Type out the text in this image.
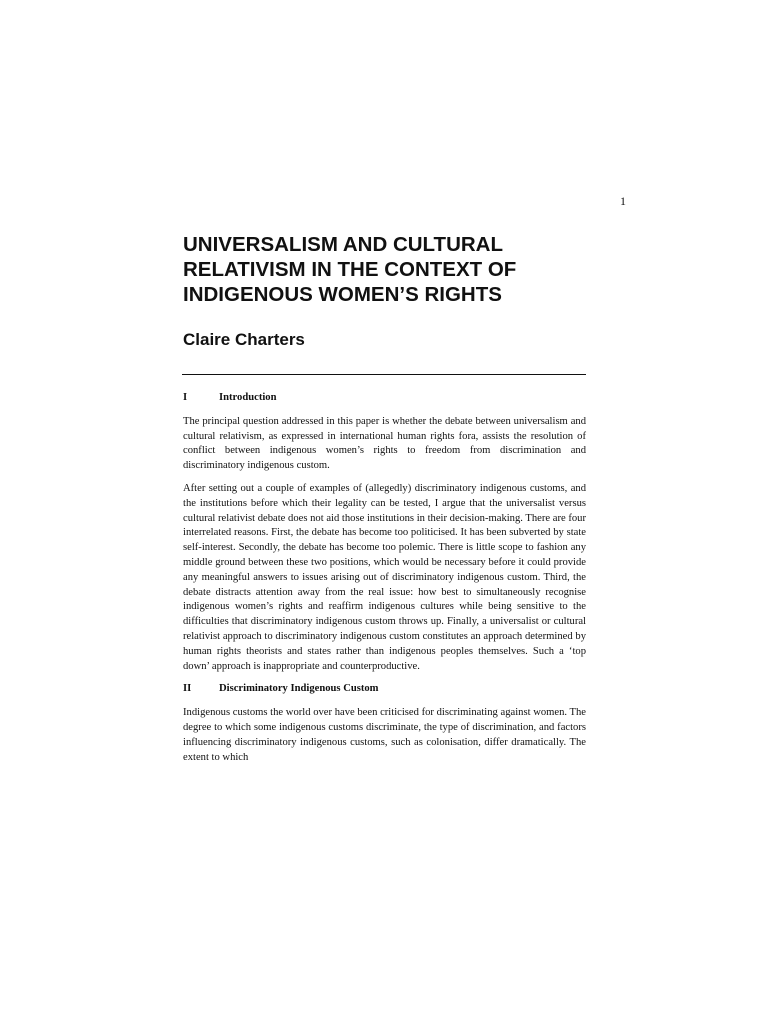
1
UNIVERSALISM AND CULTURAL
RELATIVISM IN THE CONTEXT OF
INDIGENOUS WOMEN’S RIGHTS
Claire Charters
I	Introduction

The principal question addressed in this paper is whether the debate between universalism and cultural relativism, as expressed in international human rights fora, assists the resolution of conflict between indigenous women’s rights to freedom from discrimination and discriminatory indigenous custom.

After setting out a couple of examples of (allegedly) discriminatory indigenous customs, and the institutions before which their legality can be tested, I argue that the universalist versus cultural relativist debate does not aid those institutions in their decision-making. There are four interrelated reasons. First, the debate has become too politicised. It has been subverted by state self-interest. Secondly, the debate has become too polemic. There is little scope to fashion any middle ground between these two positions, which would be necessary before it could provide any meaningful answers to issues arising out of discriminatory indigenous custom. Third, the debate distracts attention away from the real issue: how best to simultaneously recognise indigenous women’s rights and reaffirm indigenous cultures while being sensitive to the difficulties that discriminatory indigenous custom throws up. Finally, a universalist or cultural relativist approach to discriminatory indigenous custom constitutes an approach determined by human rights theorists and states rather than indigenous peoples themselves. Such a ‘top down’ approach is inappropriate and counterproductive.

II	Discriminatory Indigenous Custom

Indigenous customs the world over have been criticised for discriminating against women. The degree to which some indigenous customs discriminate, the type of discrimination, and factors influencing discriminatory indigenous customs, such as colonisation, differ dramatically. The extent to which
